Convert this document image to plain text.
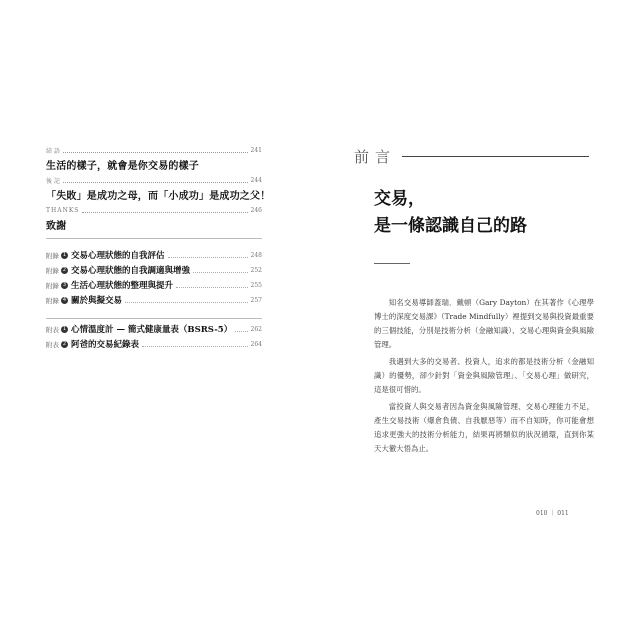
結 語	241
生活的樣子，就會是你交易的樣子
後 記	244
「失敗」是成功之母，而「小成功」是成功之父！
THANKS	246
致謝
附錄 1 交易心理狀態的自我評估	248
附錄 2 交易心理狀態的自我調適與增強	252
附錄 3 生活心理狀態的整理與提升	255
附錄 4 關於與擬交易	257
附表 1 心情溫度計 — 簡式健康量表（BSRS-5）	262
附表 2 阿爸的交易紀錄表	264
前言
交易，
是一條認識自己的路

知名交易導師蓋瑞．戴頓（Gary Dayton）在其著作《心理學博士的深度交易課》（Trade Mindfully）裡提到交易與投資最重要的三個技能，分別是技術分析（金融知識）、交易心理與資金與風險管理。

我遇到大多的交易者、投資人，追求的都是技術分析（金融知識）的優勢，卻少針對「資金與風險管理」、「交易心理」做研究，這是很可惜的。

當投資人與交易者因為資金與風險管理、交易心理能力不足，產生交易技術（爆倉負債、自我厭惡等）而不自知時，你可能會想追求更強大的技術分析能力，結果再將類似的狀況循環，直到你某天大徹大悟為止。

010 ｜ 011
